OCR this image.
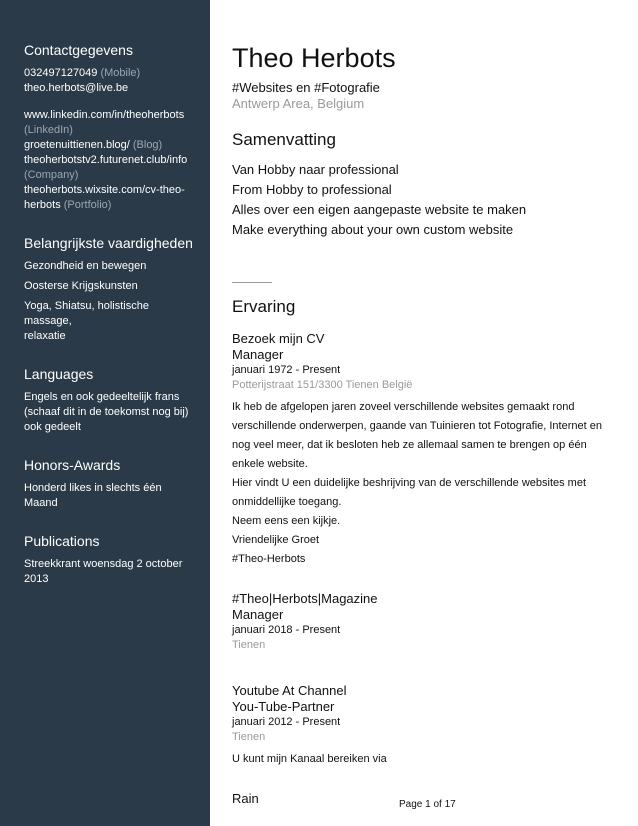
Contactgegevens

032497127049 (Mobile)

theo.herbots@live.be

www.linkedin.com/in/theoherbots

(LinkedIn)

groetenuittienen.blog/ (Blog)

theoherbotstv2.futurenet.club/info

(Company)

theoherbots.wixsite.com/cv-theo-

herbots (Portfolio)

Belangrijkste vaardigheden

Gezondheid en bewegen

Oosterse Krijgskunsten

Yoga, Shiatsu, holistische massage,

relaxatie

Languages

Engels en ook gedeeltelijk frans

(schaaf dit in de toekomst nog bij)

ook gedeelt

Honors-Awards

Honderd likes in slechts één Maand

Publications

Streekkrant woensdag 2 october

2013

Theo Herbots

#Websites en #Fotografie

Antwerp Area, Belgium

Samenvatting

Van Hobby naar professional

From Hobby to professional

Alles over een eigen aangepaste website te maken

Make everything about your own custom website

Ervaring

Bezoek mijn CV

Manager

januari 1972 - Present

Potterijstraat 151/3300 Tienen België

Ik heb de afgelopen jaren zoveel verschillende websites gemaakt rond

verschillende onderwerpen, gaande van Tuinieren tot Fotografie, Internet en

nog veel meer, dat ik besloten heb ze allemaal samen te brengen op één

enkele website.

Hier vindt U een duidelijke beshrijving van de verschillende websites met

onmiddellijke toegang.

Neem eens een kijkje.

Vriendelijke Groet

#Theo-Herbots

#Theo|Herbots|Magazine

Manager

januari 2018 - Present

Tienen

Youtube At Channel

You-Tube-Partner

januari 2012 - Present

Tienen

U kunt mijn Kanaal bereiken via

Rain	Page 1 of 17
